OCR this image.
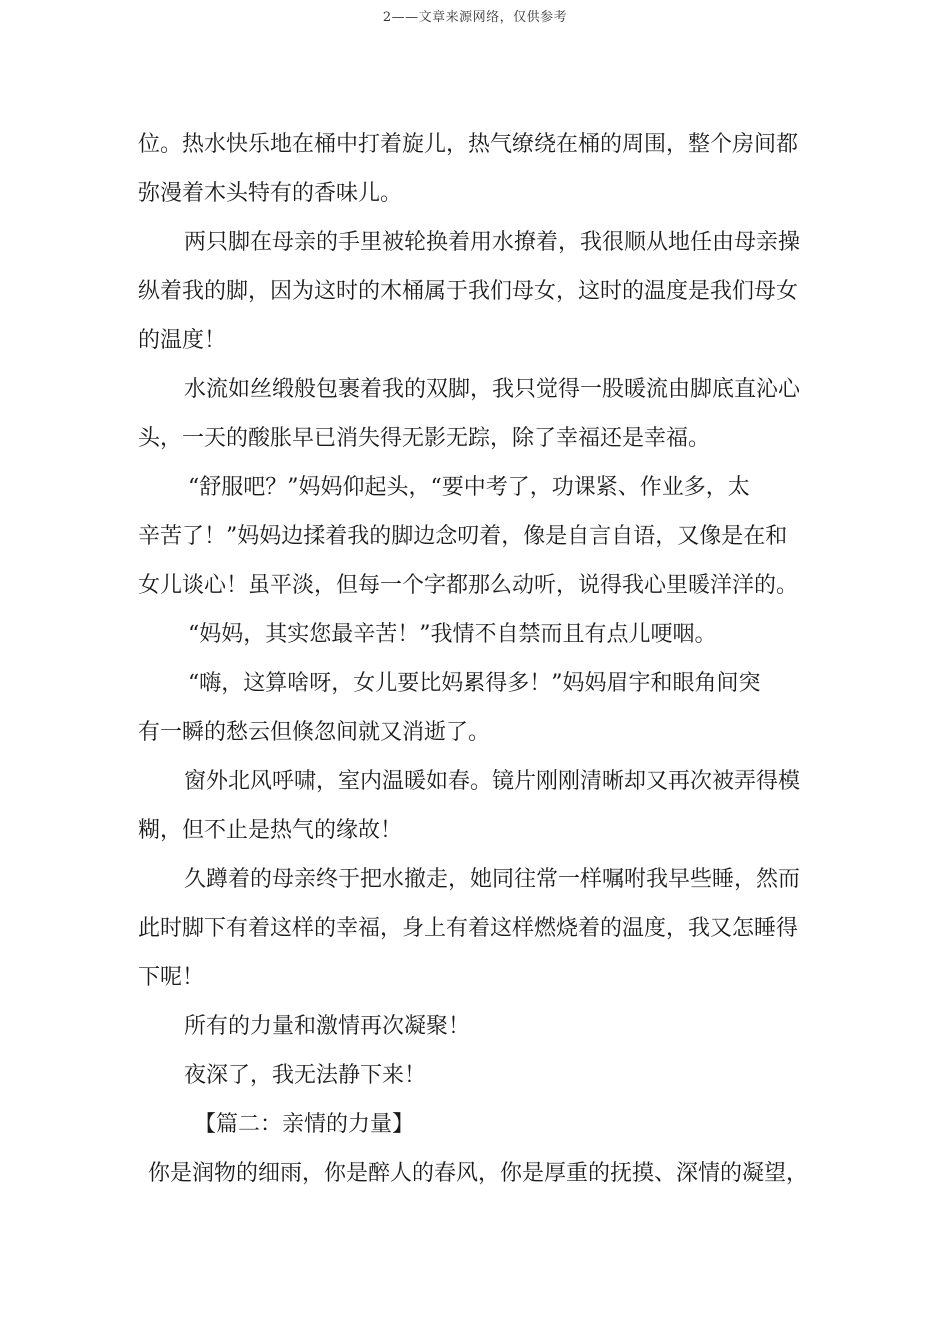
2——文章来源网络，仅供参考
位。热水快乐地在桶中打着旋儿，热气缭绕在桶的周围，整个房间都
弥漫着木头特有的香味儿。
两只脚在母亲的手里被轮换着用水撩着，我很顺从地任由母亲操
纵着我的脚，因为这时的木桶属于我们母女，这时的温度是我们母女
的温度！
水流如丝缎般包裹着我的双脚，我只觉得一股暖流由脚底直沁心
头，一天的酸胀早已消失得无影无踪，除了幸福还是幸福。
“舒服吧？”妈妈仰起头，“要中考了，功课紧、作业多，太
辛苦了！”妈妈边揉着我的脚边念叨着，像是自言自语，又像是在和
女儿谈心！虽平淡，但每一个字都那么动听，说得我心里暖洋洋的。
“妈妈，其实您最辛苦！”我情不自禁而且有点儿哽咽。
“嗨，这算啥呀，女儿要比妈累得多！”妈妈眉宇和眼角间突
有一瞬的愁云但倏忽间就又消逝了。
窗外北风呼啸，室内温暖如春。镜片刚刚清晰却又再次被弄得模
糊，但不止是热气的缘故！
久蹲着的母亲终于把水撤走，她同往常一样嘱咐我早些睡，然而
此时脚下有着这样的幸福，身上有着这样燃烧着的温度，我又怎睡得
下呢！
所有的力量和激情再次凝聚！
夜深了，我无法静下来！
【篇二：亲情的力量】
你是润物的细雨，你是醉人的春风，你是厚重的抚摸、深情的凝望，
